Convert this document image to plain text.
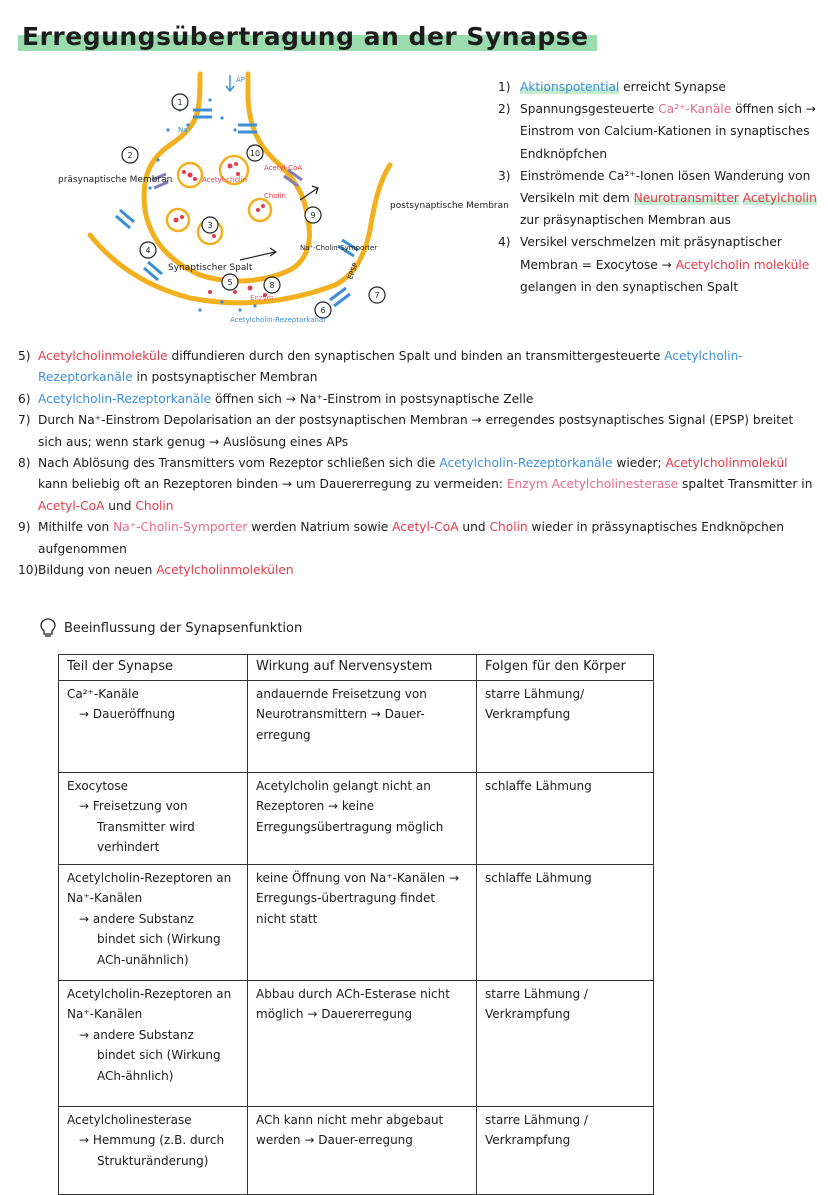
Erregungsübertragung an der Synapse
AP
Na⁺
1
2
3
4
5
6
7
8
9
10
präsynaptische Membran
postsynaptische Membran
Synaptischer Spalt
Acetyl-cholin
Acetyl-CoA
Cholin
Na⁺-Cholin-Symporter
Enzym
Acetylcholin-Rezeptorkanal
EPSP
1) Aktionspotential erreicht Synapse
2) Spannungsgesteuerte Ca²⁺-Kanäle öffnen sich → Einstrom von Calcium-Kationen in synaptisches Endknöpfchen
3) Einströmende Ca²⁺-Ionen lösen Wanderung von Versikeln mit dem Neurotransmitter Acetylcholin zur präsynaptischen Membran aus
4) Versikel verschmelzen mit präsynaptischer Membran = Exocytose → Acetylcholin moleküle gelangen in den synaptischen Spalt
5) Acetylcholinmoleküle diffundieren durch den synaptischen Spalt und binden an transmittergesteuerte Acetylcholin-Rezeptorkanäle in postsynaptischer Membran
6) Acetylcholin-Rezeptorkanäle öffnen sich → Na⁺-Einstrom in postsynaptische Zelle
7) Durch Na⁺-Einstrom Depolarisation an der postsynaptischen Membran → erregendes postsynaptisches Signal (EPSP) breitet sich aus; wenn stark genug → Auslösung eines APs
8) Nach Ablösung des Transmitters vom Rezeptor schließen sich die Acetylcholin-Rezeptorkanäle wieder; Acetylcholinmolekül kann beliebig oft an Rezeptoren binden → um Dauererregung zu vermeiden: Enzym Acetylcholinesterase spaltet Transmitter in Acetyl-CoA und Cholin
9) Mithilfe von Na⁺-Cholin-Symporter werden Natrium sowie Acetyl-CoA und Cholin wieder in prässynaptisches Endknöpchen aufgenommen
10) Bildung von neuen Acetylcholinmolekülen
Beeinflussung der Synapsenfunktion
Teil der Synapse	Wirkung auf Nervensystem	Folgen für den Körper

Ca²⁺-Kanäle
→ Daueröffnung	andauernde Freisetzung von Neurotransmittern → Dauer-erregung	starre Lähmung/ Verkrampfung

Exocytose
→ Freisetzung von
Transmitter wird verhindert	Acetylcholin gelangt nicht an Rezeptoren → keine Erregungsübertragung möglich	schlaffe Lähmung

Acetylcholin-Rezeptoren an Na⁺-Kanälen
→ andere Substanz
bindet sich (Wirkung ACh-unähnlich)	keine Öffnung von Na⁺-Kanälen → Erregungs-übertragung findet nicht statt	schlaffe Lähmung

Acetylcholin-Rezeptoren an Na⁺-Kanälen
→ andere Substanz
bindet sich (Wirkung ACh-ähnlich)	Abbau durch ACh-Esterase nicht möglich → Dauererregung	starre Lähmung / Verkrampfung

Acetylcholinesterase
→ Hemmung (z.B. durch
Strukturänderung)	ACh kann nicht mehr abgebaut werden → Dauer-erregung	starre Lähmung / Verkrampfung
